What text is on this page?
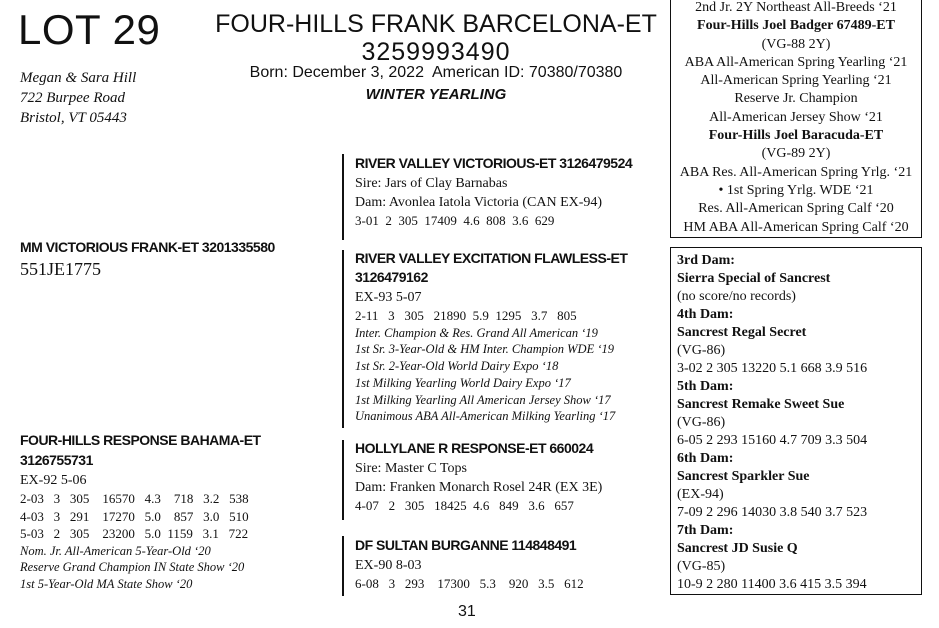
LOT 29 FOUR-HILLS FRANK BARCELONA-ET
3259993490
Born: December 3, 2022  American ID: 70380/70380
WINTER YEARLING
Megan & Sara Hill
722 Burpee Road
Bristol, VT 05443
MM VICTORIOUS FRANK-ET 3201335580
551JE1775
RIVER VALLEY VICTORIOUS-ET 3126479524
Sire: Jars of Clay Barnabas
Dam: Avonlea Iatola Victoria (CAN EX-94)
3-01  2  305  17409  4.6  808  3.6  629
RIVER VALLEY EXCITATION FLAWLESS-ET
3126479162
EX-93 5-07
2-11   3   305   21890  5.9  1295   3.7   805
Inter. Champion & Res. Grand All American ‘19
1st Sr. 3-Year-Old & HM Inter. Champion WDE ‘19
1st Sr. 2-Year-Old World Dairy Expo ‘18
1st Milking Yearling World Dairy Expo ‘17
1st Milking Yearling All American Jersey Show ‘17
Unanimous ABA All-American Milking Yearling ‘17
FOUR-HILLS RESPONSE BAHAMA-ET
3126755731
EX-92 5-06
2-03   3   305    16570   4.3    718   3.2   538
4-03   3   291    17270   5.0    857   3.0   510
5-03   2   305    23200   5.0  1159   3.1   722
Nom. Jr. All-American 5-Year-Old ‘20
Reserve Grand Champion IN State Show ‘20
1st 5-Year-Old MA State Show ‘20
HOLLYLANE R RESPONSE-ET 660024
Sire: Master C Tops
Dam: Franken Monarch Rosel 24R (EX 3E)
4-07   2   305   18425  4.6   849   3.6   657
DF SULTAN BURGANNE 114848491
EX-90 8-03
6-08   3   293    17300   5.3    920   3.5   612
2nd Jr. 2Y Northeast All-Breeds ‘21
Four-Hills Joel Badger 67489-ET
(VG-88 2Y)
ABA All-American Spring Yearling ‘21
All-American Spring Yearling ‘21
Reserve Jr. Champion
All-American Jersey Show ‘21
Four-Hills Joel Baracuda-ET
(VG-89 2Y)
ABA Res. All-American Spring Yrlg. ‘21
• 1st Spring Yrlg. WDE ‘21
Res. All-American Spring Calf ‘20
HM ABA All-American Spring Calf ‘20
3rd Dam:
Sierra Special of Sancrest
(no score/no records)
4th Dam:
Sancrest Regal Secret
(VG-86)
3-02 2 305 13220 5.1 668 3.9 516
5th Dam:
Sancrest Remake Sweet Sue
(VG-86)
6-05 2 293 15160 4.7 709 3.3 504
6th Dam:
Sancrest Sparkler Sue
(EX-94)
7-09 2 296 14030 3.8 540 3.7 523
7th Dam:
Sancrest JD Susie Q
(VG-85)
10-9 2 280 11400 3.6 415 3.5 394
31
